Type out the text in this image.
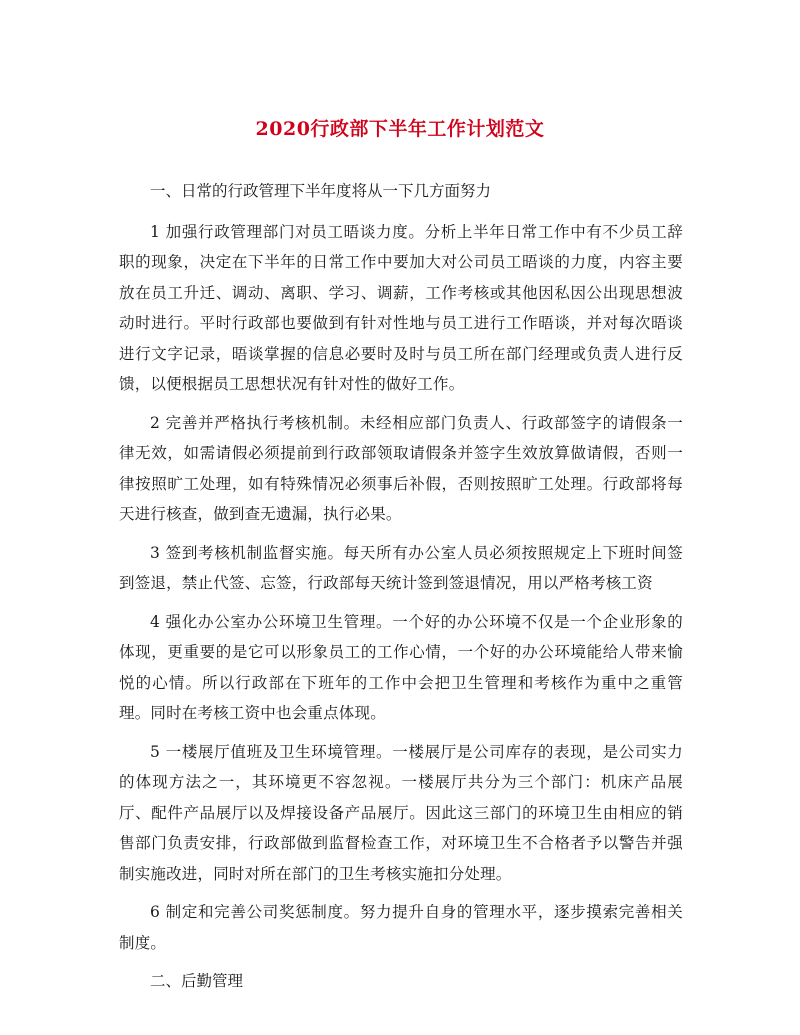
2020行政部下半年工作计划范文

一、日常的行政管理下半年度将从一下几方面努力

1 加强行政管理部门对员工晤谈力度。分析上半年日常工作中有不少员工辞职的现象，决定在下半年的日常工作中要加大对公司员工晤谈的力度，内容主要放在员工升迁、调动、离职、学习、调薪，工作考核或其他因私因公出现思想波动时进行。平时行政部也要做到有针对性地与员工进行工作晤谈，并对每次晤谈进行文字记录，晤谈掌握的信息必要时及时与员工所在部门经理或负责人进行反馈，以便根据员工思想状况有针对性的做好工作。

2 完善并严格执行考核机制。未经相应部门负责人、行政部签字的请假条一律无效，如需请假必须提前到行政部领取请假条并签字生效放算做请假，否则一律按照旷工处理，如有特殊情况必须事后补假，否则按照旷工处理。行政部将每天进行核查，做到查无遗漏，执行必果。

3 签到考核机制监督实施。每天所有办公室人员必须按照规定上下班时间签到签退，禁止代签、忘签，行政部每天统计签到签退情况，用以严格考核工资

4 强化办公室办公环境卫生管理。一个好的办公环境不仅是一个企业形象的体现，更重要的是它可以形象员工的工作心情，一个好的办公环境能给人带来愉悦的心情。所以行政部在下班年的工作中会把卫生管理和考核作为重中之重管理。同时在考核工资中也会重点体现。

5 一楼展厅值班及卫生环境管理。一楼展厅是公司库存的表现，是公司实力的体现方法之一，其环境更不容忽视。一楼展厅共分为三个部门：机床产品展厅、配件产品展厅以及焊接设备产品展厅。因此这三部门的环境卫生由相应的销售部门负责安排，行政部做到监督检查工作，对环境卫生不合格者予以警告并强制实施改进，同时对所在部门的卫生考核实施扣分处理。

6 制定和完善公司奖惩制度。努力提升自身的管理水平，逐步摸索完善相关制度。

二、后勤管理
